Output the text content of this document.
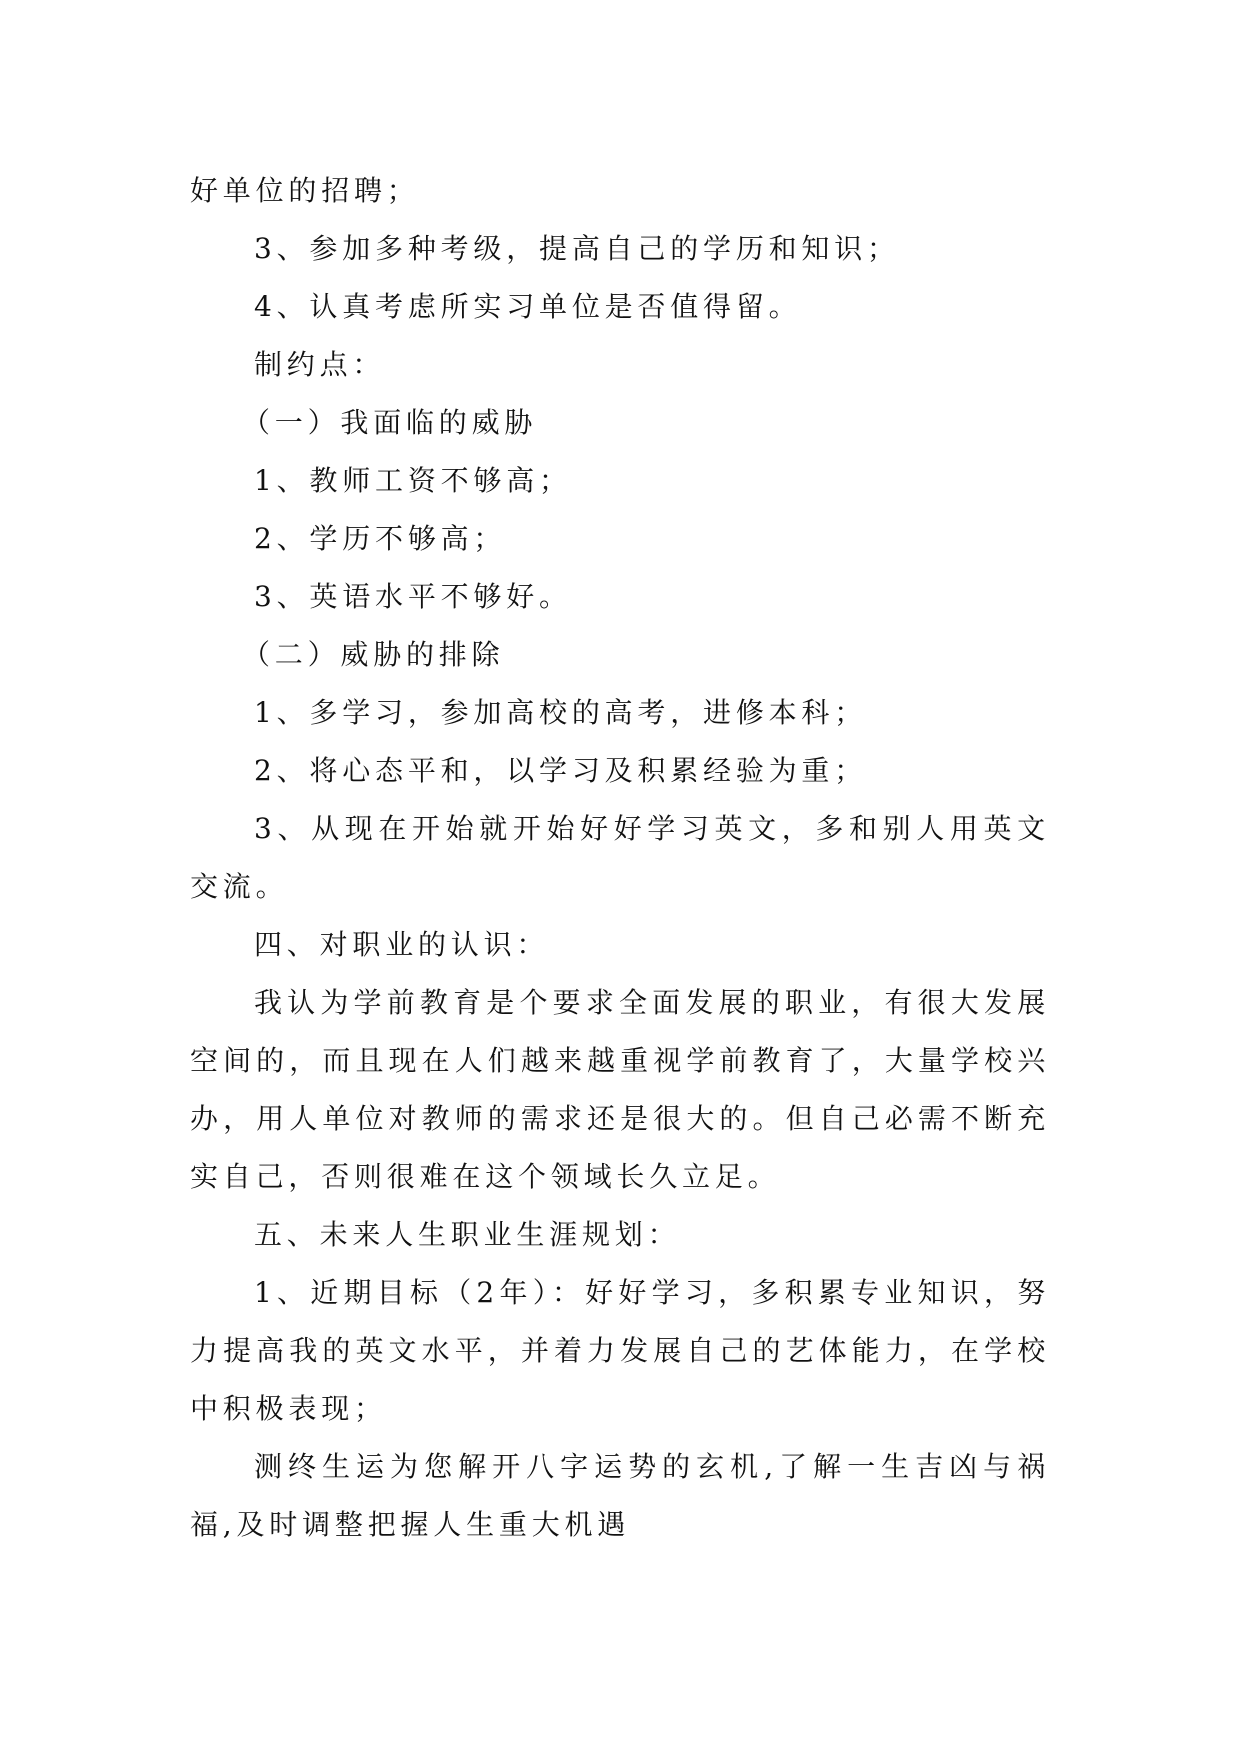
好单位的招聘；

3、参加多种考级，提高自己的学历和知识；

4、认真考虑所实习单位是否值得留。

制约点：

（一）我面临的威胁

1、教师工资不够高；

2、学历不够高；

3、英语水平不够好。

（二）威胁的排除

1、多学习，参加高校的高考，进修本科；

2、将心态平和，以学习及积累经验为重；

3、从现在开始就开始好好学习英文，多和别人用英文交流。

四、对职业的认识：

我认为学前教育是个要求全面发展的职业，有很大发展空间的，而且现在人们越来越重视学前教育了，大量学校兴办，用人单位对教师的需求还是很大的。但自己必需不断充实自己，否则很难在这个领域长久立足。

五、未来人生职业生涯规划：

1、近期目标（2年）：好好学习，多积累专业知识，努力提高我的英文水平，并着力发展自己的艺体能力，在学校中积极表现；

测终生运为您解开八字运势的玄机,了解一生吉凶与祸福,及时调整把握人生重大机遇
